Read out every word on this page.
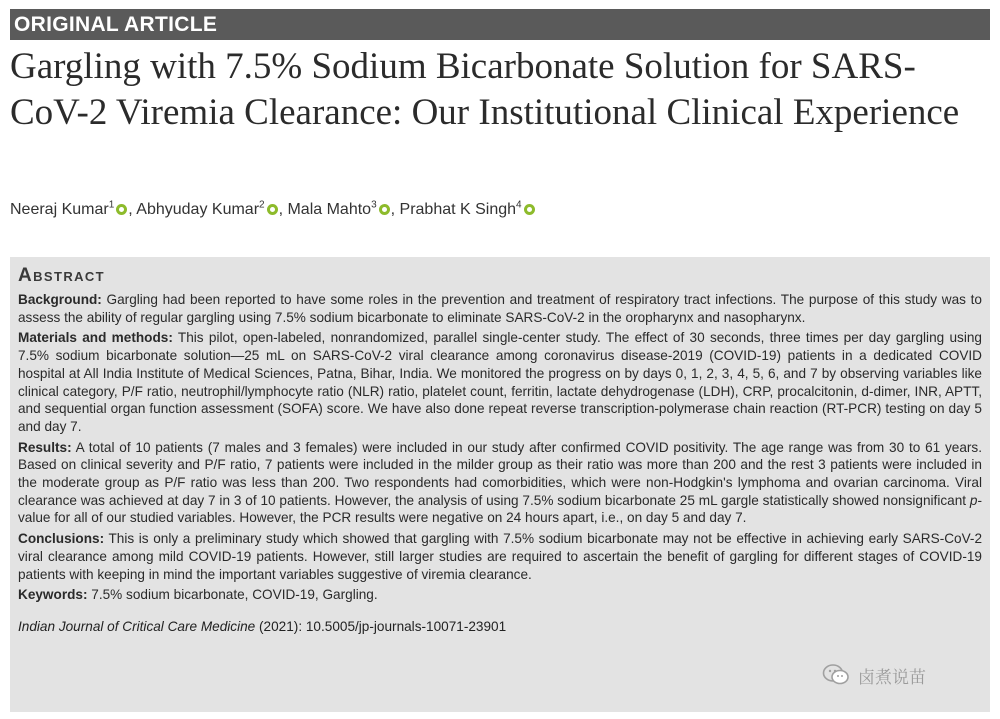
ORIGINAL ARTICLE
Gargling with 7.5% Sodium Bicarbonate Solution for SARS-CoV-2 Viremia Clearance: Our Institutional Clinical Experience
Neeraj Kumar$^1$ , Abhyuday Kumar$^2$ , Mala Mahto$^3$ , Prabhat K Singh$^4$
Abstract

Background: Gargling had been reported to have some roles in the prevention and treatment of respiratory tract infections. The purpose of this study was to assess the ability of regular gargling using 7.5% sodium bicarbonate to eliminate SARS-CoV-2 in the oropharynx and nasopharynx.

Materials and methods: This pilot, open-labeled, nonrandomized, parallel single-center study. The effect of 30 seconds, three times per day gargling using 7.5% sodium bicarbonate solution—25 mL on SARS-CoV-2 viral clearance among coronavirus disease-2019 (COVID-19) patients in a dedicated COVID hospital at All India Institute of Medical Sciences, Patna, Bihar, India. We monitored the progress on by days 0, 1, 2, 3, 4, 5, 6, and 7 by observing variables like clinical category, P/F ratio, neutrophil/lymphocyte ratio (NLR) ratio, platelet count, ferritin, lactate dehydrogenase (LDH), CRP, procalcitonin, d-dimer, INR, APTT, and sequential organ function assessment (SOFA) score. We have also done repeat reverse transcription-polymerase chain reaction (RT-PCR) testing on day 5 and day 7.

Results: A total of 10 patients (7 males and 3 females) were included in our study after confirmed COVID positivity. The age range was from 30 to 61 years. Based on clinical severity and P/F ratio, 7 patients were included in the milder group as their ratio was more than 200 and the rest 3 patients were included in the moderate group as P/F ratio was less than 200. Two respondents had comorbidities, which were non-Hodgkin's lymphoma and ovarian carcinoma. Viral clearance was achieved at day 7 in 3 of 10 patients. However, the analysis of using 7.5% sodium bicarbonate 25 mL gargle statistically showed nonsignificant p-value for all of our studied variables. However, the PCR results were negative on 24 hours apart, i.e., on day 5 and day 7.

Conclusions: This is only a preliminary study which showed that gargling with 7.5% sodium bicarbonate may not be effective in achieving early SARS-CoV-2 viral clearance among mild COVID-19 patients. However, still larger studies are required to ascertain the benefit of gargling for different stages of COVID-19 patients with keeping in mind the important variables suggestive of viremia clearance.

Keywords: 7.5% sodium bicarbonate, COVID-19, Gargling.

Indian Journal of Critical Care Medicine (2021): 10.5005/jp-journals-10071-23901

卤煮说苗
